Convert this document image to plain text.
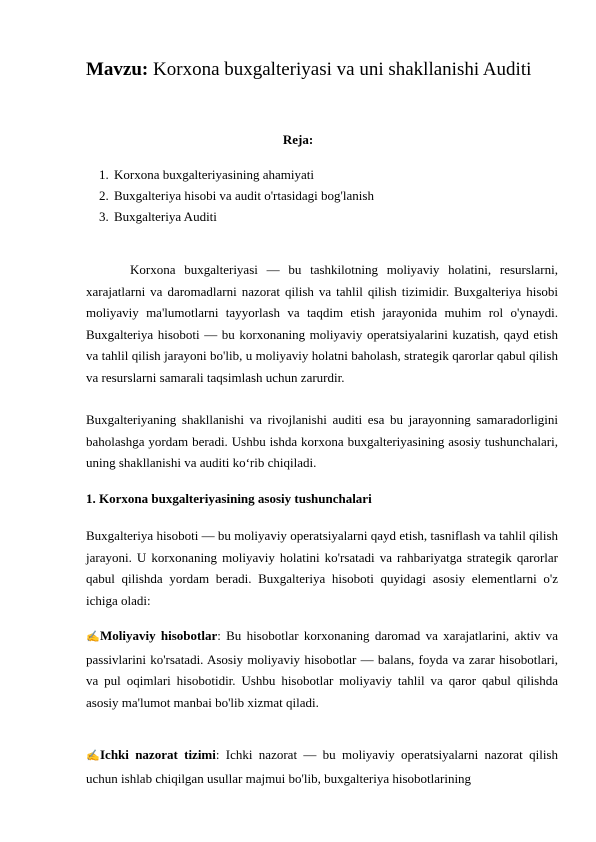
Mavzu: Korxona buxgalteriyasi va uni shakllanishi Auditi
Reja:
1. Korxona buxgalteriyasining ahamiyati
2. Buxgalteriya hisobi va audit o'rtasidagi bog'lanish
3. Buxgalteriya Auditi
Korxona buxgalteriyasi — bu tashkilotning moliyaviy holatini, resurslarni, xarajatlarni va daromadlarni nazorat qilish va tahlil qilish tizimidir. Buxgalteriya hisobi moliyaviy ma'lumotlarni tayyorlash va taqdim etish jarayonida muhim rol o'ynaydi. Buxgalteriya hisoboti — bu korxonaning moliyaviy operatsiyalarini kuzatish, qayd etish va tahlil qilish jarayoni bo'lib, u moliyaviy holatni baholash, strategik qarorlar qabul qilish va resurslarni samarali taqsimlash uchun zarurdir.
Buxgalteriyaning shakllanishi va rivojlanishi auditi esa bu jarayonning samaradorligini baholashga yordam beradi. Ushbu ishda korxona buxgalteriyasining asosiy tushunchalari, uning shakllanishi va auditi ko‘rib chiqiladi.
1. Korxona buxgalteriyasining asosiy tushunchalari
Buxgalteriya hisoboti — bu moliyaviy operatsiyalarni qayd etish, tasniflash va tahlil qilish jarayoni. U korxonaning moliyaviy holatini ko'rsatadi va rahbariyatga strategik qarorlar qabul qilishda yordam beradi. Buxgalteriya hisoboti quyidagi asosiy elementlarni o'z ichiga oladi:
✍Moliyaviy hisobotlar: Bu hisobotlar korxonaning daromad va xarajatlarini, aktiv va passivlarini ko'rsatadi. Asosiy moliyaviy hisobotlar — balans, foyda va zarar hisobotlari, va pul oqimlari hisobotidir. Ushbu hisobotlar moliyaviy tahlil va qaror qabul qilishda asosiy ma'lumot manbai bo'lib xizmat qiladi.
✍Ichki nazorat tizimi: Ichki nazorat — bu moliyaviy operatsiyalarni nazorat qilish uchun ishlab chiqilgan usullar majmui bo'lib, buxgalteriya hisobotlarining
